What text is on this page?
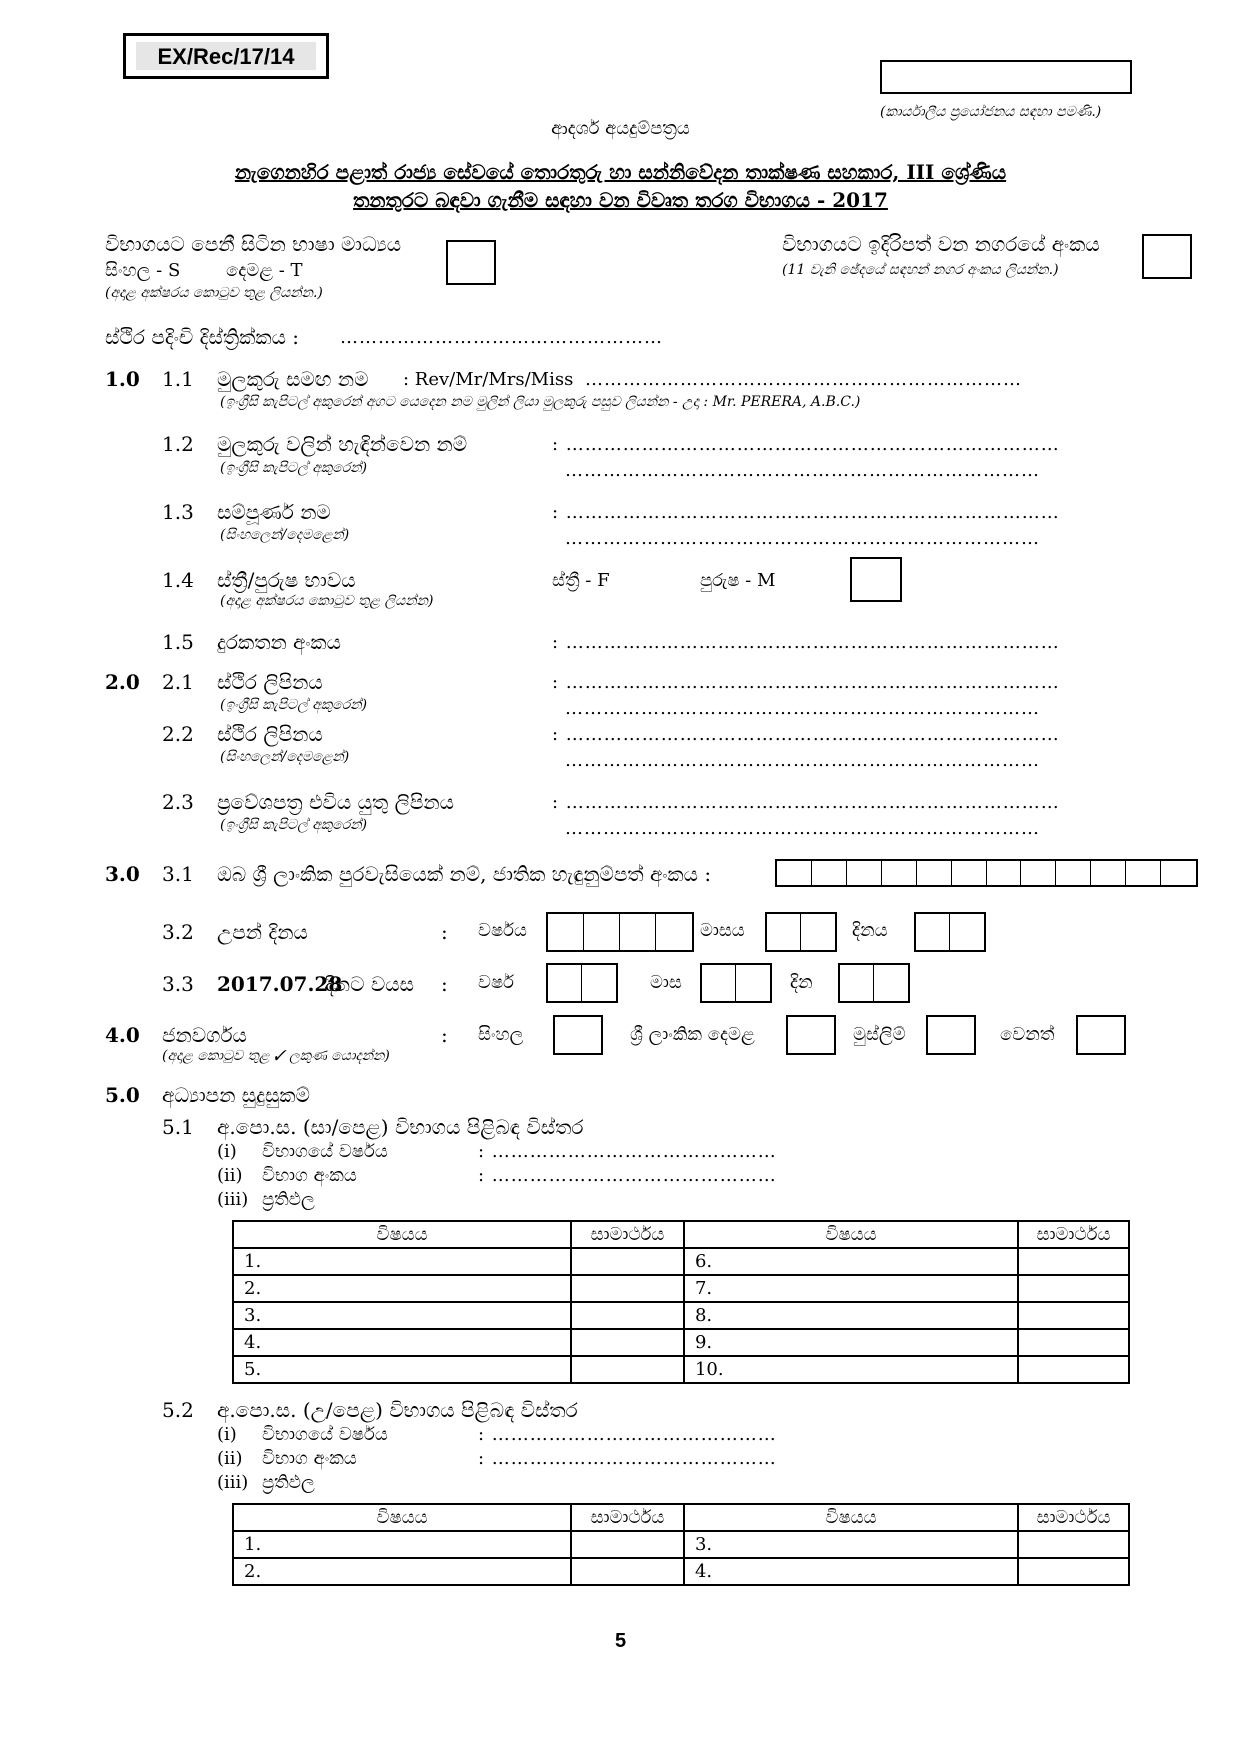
EX/Rec/17/14
(කාර්යාලීය ප්‍රයෝජනය සඳහා පමණි.)
ආදර්ශ අයදුම්පත්‍රය
නැගෙනහිර පළාත් රාජ්‍ය සේවයේ තොරතුරු හා සන්නිවේදන තාක්ෂණ සහකාර, III ශ්‍රේණිය
තනතුරට බඳවා ගැනීම සඳහා වන විවෘත තරග විභාගය - 2017
විභාගයට පෙනී සිටින භාෂා මාධ්‍යය
සිංහල - S        දෙමළ - T
(අදාළ අක්ෂරය කොටුව තුළ ලියන්න.)
විභාගයට ඉදිරිපත් වන නගරයේ අංකය
(11 වැනි ඡේදයේ සඳහන් නගර අංකය ලියන්න.)
ස්ථිර පදිංචි දිස්ත්‍රික්කය : ……………………………………………
1.0 1.1 මුලකුරු සමඟ නම : Rev/Mr/Mrs/Miss ……………………………………………………………
(ඉංග්‍රීසි කැපිටල් අකුරෙන් අගට යෙදෙන නම මුලින් ලියා මුලකුරු පසුව ලියන්න - උදා : Mr. PERERA, A.B.C.)
1.2 මුලකුරු වලින් හැඳින්වෙන නම්
(ඉංග්‍රීසි කැපිටල් අකුරෙන්)
: ……………………………………………………………………
…………………………………………………………………
1.3 සම්පූර්ණ නම
(සිංහලෙන්/දෙමළෙන්)
: ……………………………………………………………………
…………………………………………………………………
1.4 ස්ත්‍රී/පුරුෂ භාවය
(අදාළ අක්ෂරය කොටුව තුළ ලියන්න)
ස්ත්‍රී - F	පුරුෂ - M
1.5 දුරකතන අංකය	: ……………………………………………………………………
2.0 2.1 ස්ථිර ලිපිනය
(ඉංග්‍රීසි කැපිටල් අකුරෙන්)
: ……………………………………………………………………
…………………………………………………………………
2.2 ස්ථිර ලිපිනය
(සිංහලෙන්/දෙමළෙන්)
: ……………………………………………………………………
…………………………………………………………………
2.3 ප්‍රවේශපත්‍ර එවිය යුතු ලිපිනය
(ඉංග්‍රීසි කැපිටල් අකුරෙන්)
: ……………………………………………………………………
…………………………………………………………………
3.0 3.1 ඔබ ශ්‍රී ලාංකික පුරවැසියෙක් නම්, ජාතික හැඳුනුම්පත් අංකය :
3.2 උපන් දිනය	: වර්ෂය	මාසය	දිනය
3.3 2017.07.28
දිනට වයස : වර්ෂ	මාස	දින
4.0 ජනවර්ගය
(අදාළ කොටුව තුළ ✓ ලකුණ යොදන්න)
: සිංහල	ශ්‍රී ලාංකික දෙමළ	මුස්ලිම්	වෙනත්
5.0 අධ්‍යාපන සුදුසුකම්
5.1 අ.පො.ස. (සා/පෙළ) විභාගය පිළිබඳ විස්තර
(i) විභාගයේ වර්ෂය	: ………………………………………
(ii) විභාග අංකය	: ………………………………………
(iii) ප්‍රතිඵල
විෂයය	සාමාර්ථය	විෂයය	සාමාර්ථය
1.		6.	
2.		7.	
3.		8.	
4.		9.	
5.		10.	
5.2 අ.පො.ස. (උ/පෙළ) විභාගය පිළිබඳ විස්තර
(i) විභාගයේ වර්ෂය	: ………………………………………
(ii) විභාග අංකය	: ………………………………………
(iii) ප්‍රතිඵල
විෂයය	සාමාර්ථය	විෂයය	සාමාර්ථය
1.		3.	
2.		4.	
5
